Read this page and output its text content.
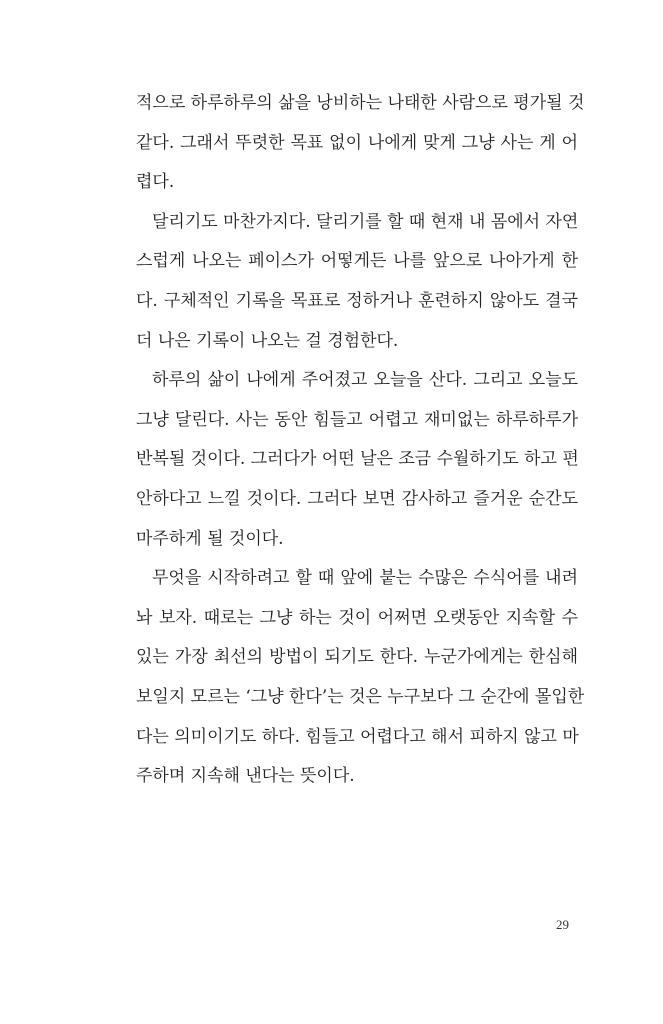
적으로 하루하루의 삶을 낭비하는 나태한 사람으로 평가될 것
같다. 그래서 뚜렷한 목표 없이 나에게 맞게 그냥 사는 게 어
렵다.
달리기도 마찬가지다. 달리기를 할 때 현재 내 몸에서 자연
스럽게 나오는 페이스가 어떻게든 나를 앞으로 나아가게 한
다. 구체적인 기록을 목표로 정하거나 훈련하지 않아도 결국
더 나은 기록이 나오는 걸 경험한다.
하루의 삶이 나에게 주어졌고 오늘을 산다. 그리고 오늘도
그냥 달린다. 사는 동안 힘들고 어렵고 재미없는 하루하루가
반복될 것이다. 그러다가 어떤 날은 조금 수월하기도 하고 편
안하다고 느낄 것이다. 그러다 보면 감사하고 즐거운 순간도
마주하게 될 것이다.
무엇을 시작하려고 할 때 앞에 붙는 수많은 수식어를 내려
놔 보자. 때로는 그냥 하는 것이 어쩌면 오랫동안 지속할 수
있는 가장 최선의 방법이 되기도 한다. 누군가에게는 한심해
보일지 모르는 ‘그냥 한다’는 것은 누구보다 그 순간에 몰입한
다는 의미이기도 하다. 힘들고 어렵다고 해서 피하지 않고 마
주하며 지속해 낸다는 뜻이다.
29
